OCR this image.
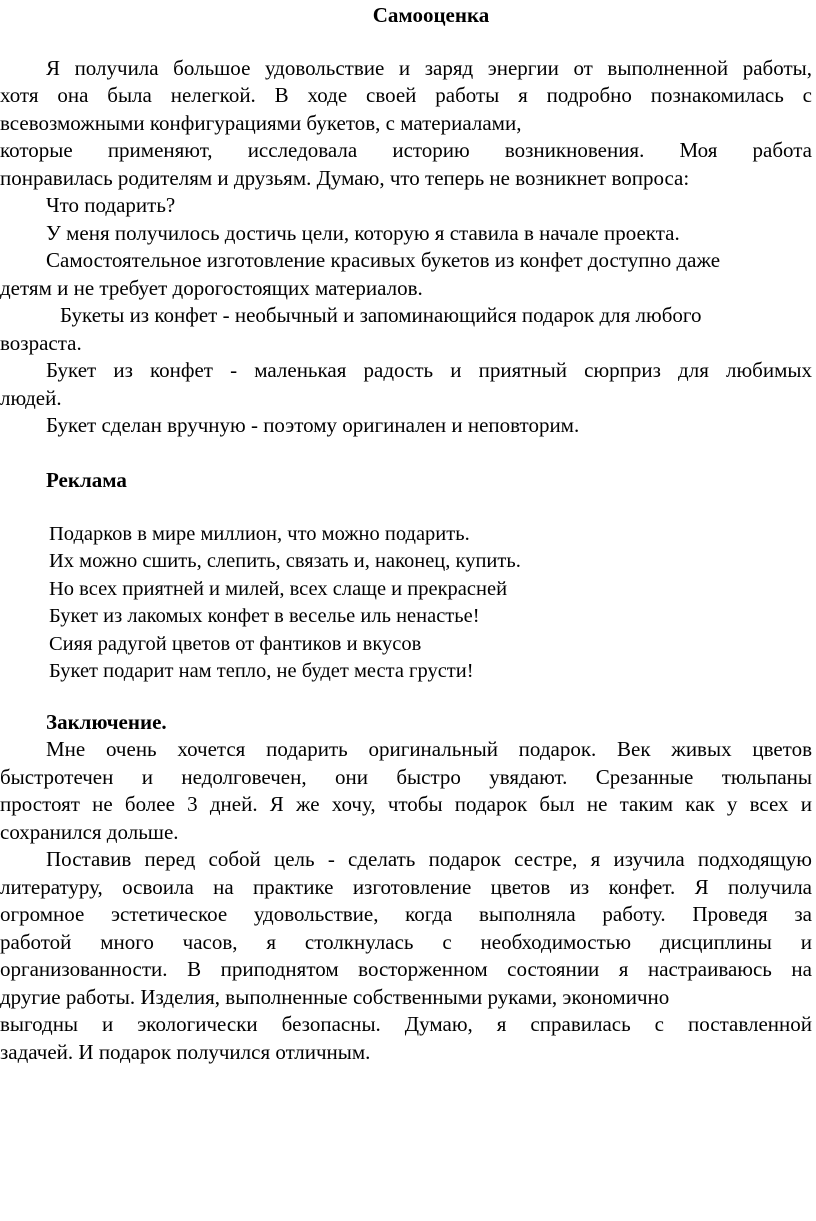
Самооценка
Я получила большое удовольствие и заряд энергии от выполненной работы,
хотя она была нелегкой. В ходе своей работы я подробно познакомилась с
всевозможными конфигурациями букетов, с материалами,
которые применяют, исследовала историю возникновения. Моя работа
понравилась родителям и друзьям. Думаю, что теперь не возникнет вопроса:
Что подарить?
У меня получилось достичь цели, которую я ставила в начале проекта.
Самостоятельное изготовление красивых букетов из конфет доступно даже
детям и не требует дорогостоящих материалов.
Букеты из конфет - необычный и запоминающийся подарок для любого
возраста.
Букет из конфет - маленькая радость и приятный сюрприз для любимых
людей.
Букет сделан вручную - поэтому оригинален и неповторим.
Реклама
Подарков в мире миллион, что можно подарить.
Их можно сшить, слепить, связать и, наконец, купить.
Но всех приятней и милей, всех слаще и прекрасней
Букет из лакомых конфет в веселье иль ненастье!
Сияя радугой цветов от фантиков и вкусов
Букет подарит нам тепло, не будет места грусти!
Заключение.
Мне очень хочется подарить оригинальный подарок. Век живых цветов
быстротечен и недолговечен, они быстро увядают. Срезанные тюльпаны
простоят не более 3 дней. Я же хочу, чтобы подарок был не таким как у всех и
сохранился дольше.
Поставив перед собой цель - сделать подарок сестре, я изучила подходящую
литературу, освоила на практике изготовление цветов из конфет. Я получила
огромное эстетическое удовольствие, когда выполняла работу. Проведя за
работой много часов, я столкнулась с необходимостью дисциплины и
организованности. В приподнятом восторженном состоянии я настраиваюсь на
другие работы. Изделия, выполненные собственными руками, экономично
выгодны и экологически безопасны. Думаю, я справилась с поставленной
задачей. И подарок получился отличным.
